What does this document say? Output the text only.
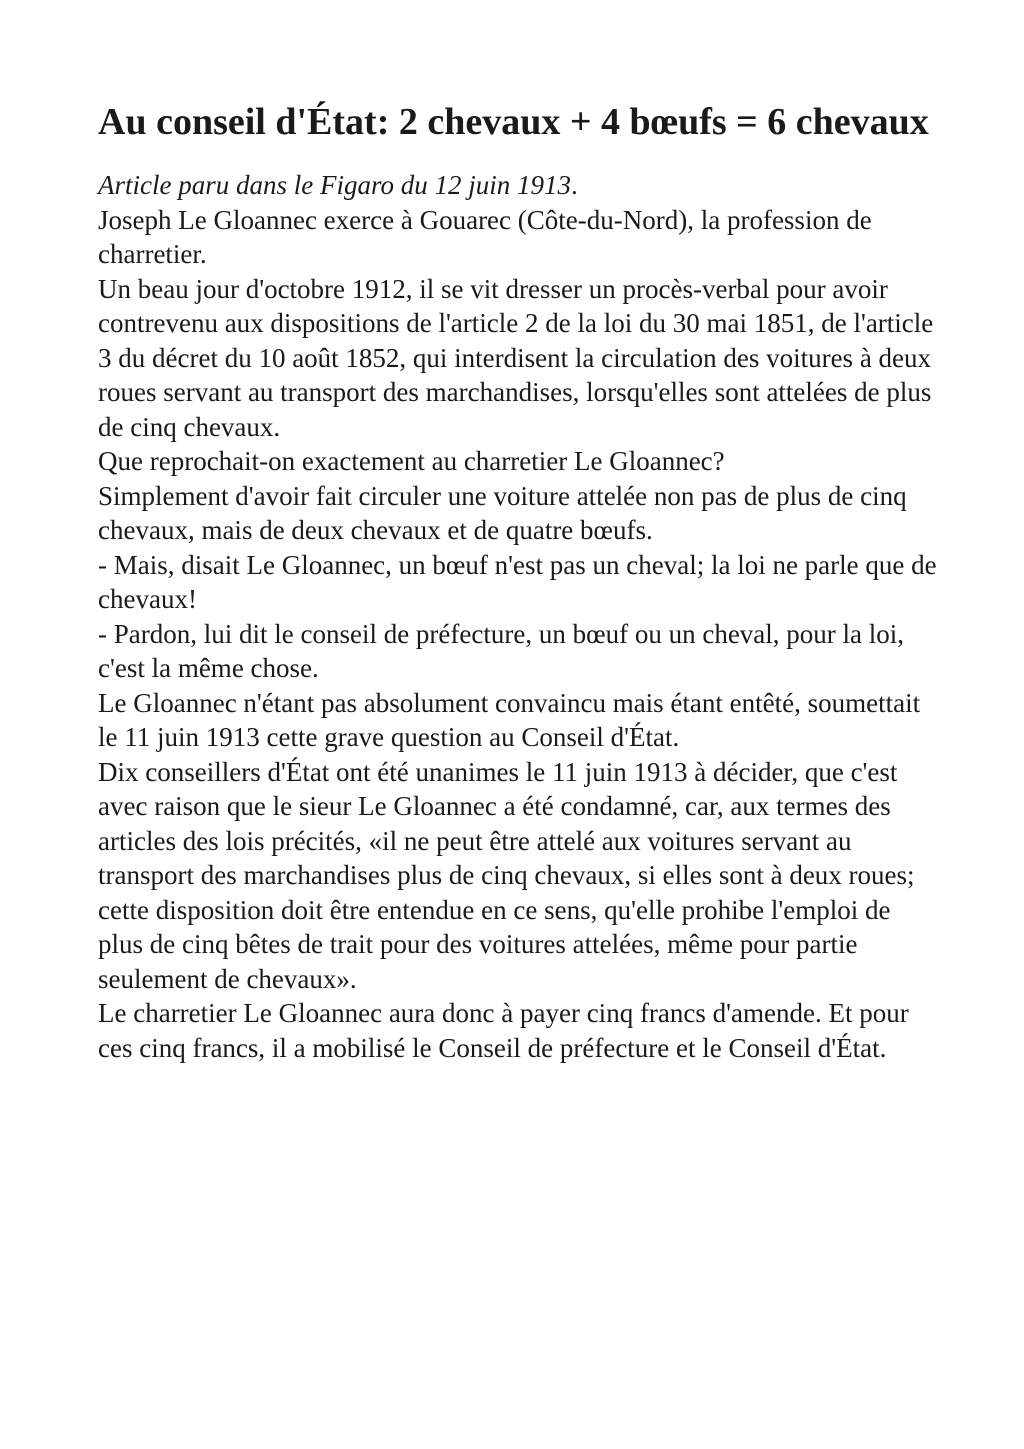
Au conseil d'État: 2 chevaux + 4 bœufs = 6 chevaux

Article paru dans le Figaro du 12 juin 1913.

Joseph Le Gloannec exerce à Gouarec (Côte-du-Nord), la profession de charretier.

Un beau jour d'octobre 1912, il se vit dresser un procès-verbal pour avoir contrevenu aux dispositions de l'article 2 de la loi du 30 mai 1851, de l'article 3 du décret du 10 août 1852, qui interdisent la circulation des voitures à deux roues servant au transport des marchandises, lorsqu'elles sont attelées de plus de cinq chevaux.

Que reprochait-on exactement au charretier Le Gloannec?

Simplement d'avoir fait circuler une voiture attelée non pas de plus de cinq chevaux, mais de deux chevaux et de quatre bœufs.

- Mais, disait Le Gloannec, un bœuf n'est pas un cheval; la loi ne parle que de chevaux!

- Pardon, lui dit le conseil de préfecture, un bœuf ou un cheval, pour la loi, c'est la même chose.

Le Gloannec n'étant pas absolument convaincu mais étant entêté, soumettait le 11 juin 1913 cette grave question au Conseil d'État.

Dix conseillers d'État ont été unanimes le 11 juin 1913 à décider, que c'est avec raison que le sieur Le Gloannec a été condamné, car, aux termes des articles des lois précités, «il ne peut être attelé aux voitures servant au transport des marchandises plus de cinq chevaux, si elles sont à deux roues; cette disposition doit être entendue en ce sens, qu'elle prohibe l'emploi de plus de cinq bêtes de trait pour des voitures attelées, même pour partie seulement de chevaux».

Le charretier Le Gloannec aura donc à payer cinq francs d'amende. Et pour ces cinq francs, il a mobilisé le Conseil de préfecture et le Conseil d'État.
